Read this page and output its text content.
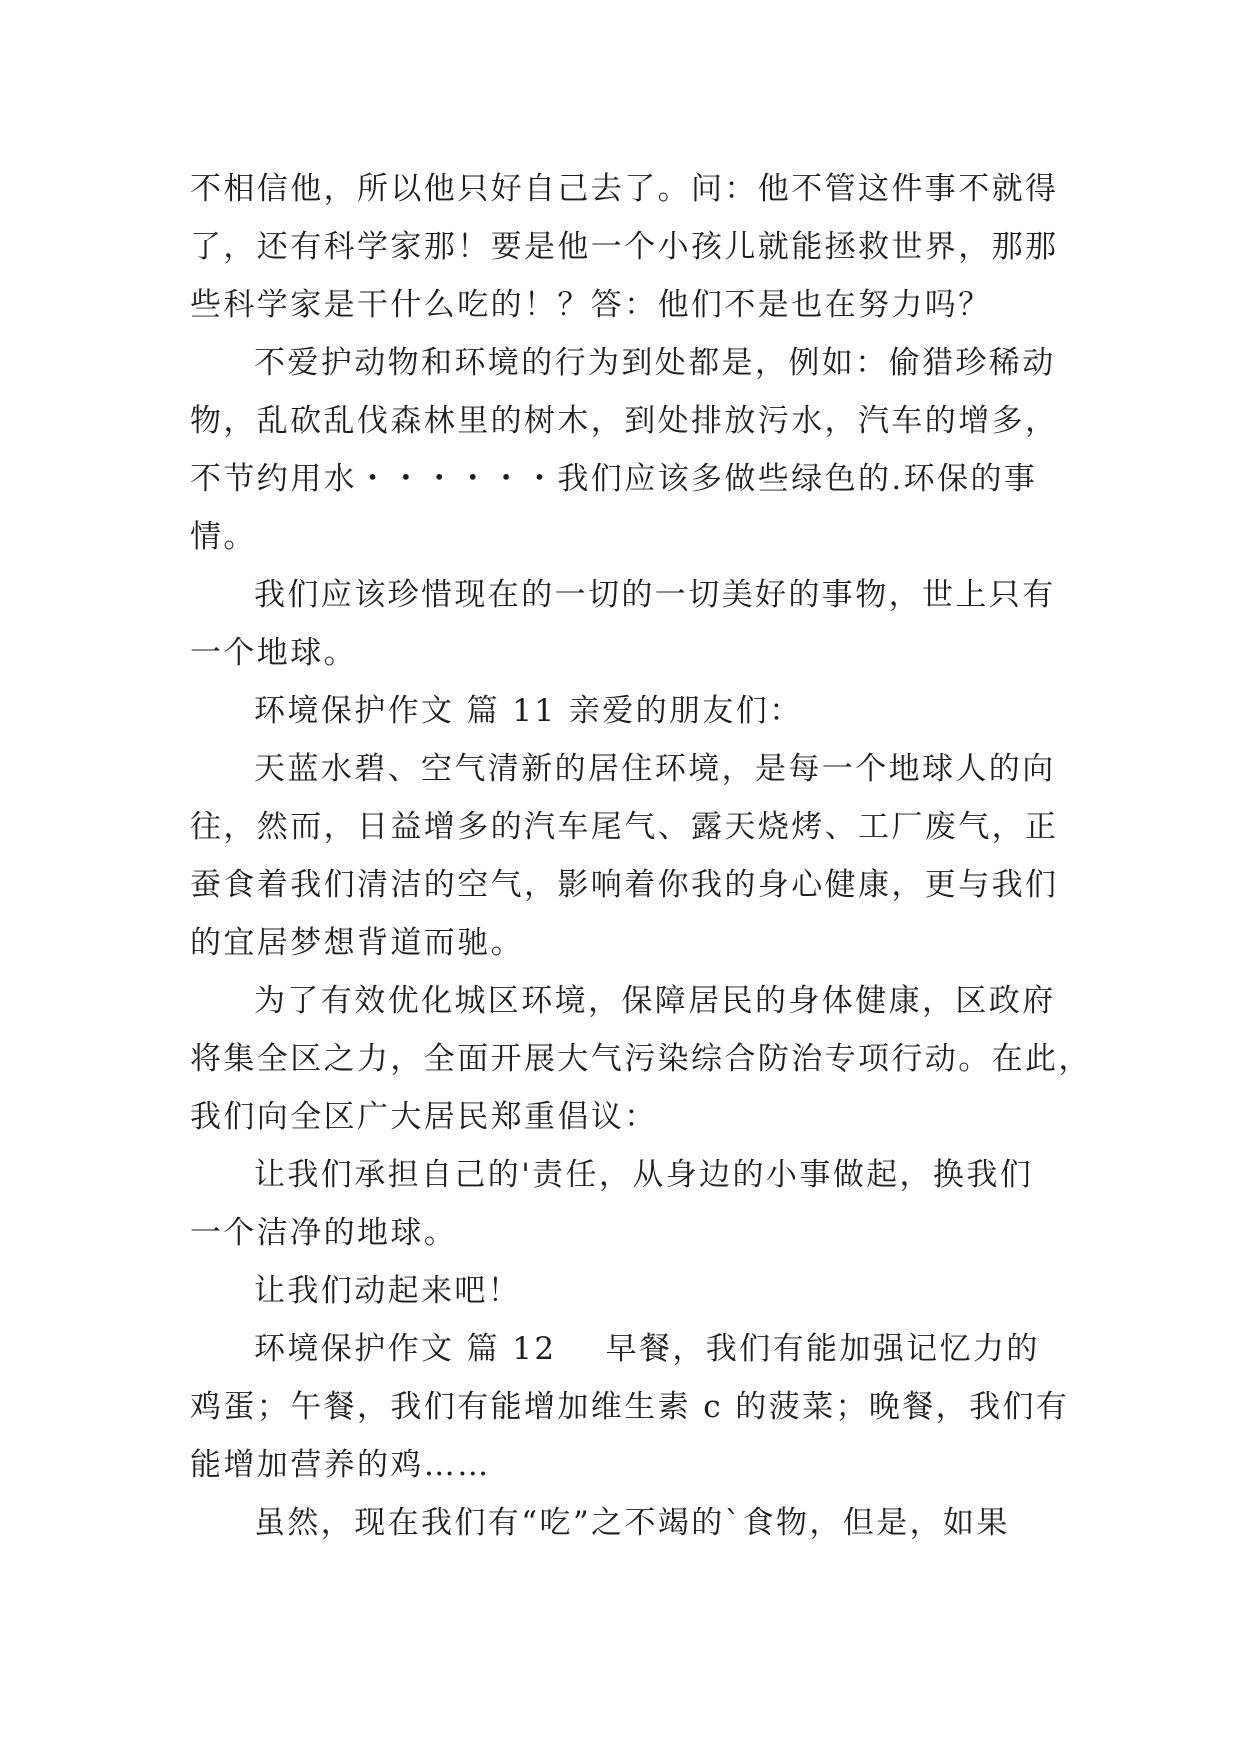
不相信他，所以他只好自己去了。问：他不管这件事不就得
了，还有科学家那！要是他一个小孩儿就能拯救世界，那那
些科学家是干什么吃的！？答：他们不是也在努力吗？
不爱护动物和环境的行为到处都是，例如：偷猎珍稀动
物，乱砍乱伐森林里的树木，到处排放污水，汽车的增多，
不节约用水・・・・・・我们应该多做些绿色的.环保的事
情。
我们应该珍惜现在的一切的一切美好的事物，世上只有
一个地球。
环境保护作文 篇 11 亲爱的朋友们：
天蓝水碧、空气清新的居住环境，是每一个地球人的向
往，然而，日益增多的汽车尾气、露天烧烤、工厂废气，正
蚕食着我们清洁的空气，影响着你我的身心健康，更与我们
的宜居梦想背道而驰。
为了有效优化城区环境，保障居民的身体健康，区政府
将集全区之力，全面开展大气污染综合防治专项行动。在此，
我们向全区广大居民郑重倡议：
让我们承担自己的'责任，从身边的小事做起，换我们
一个洁净的地球。
让我们动起来吧！
环境保护作文 篇 12    早餐，我们有能加强记忆力的
鸡蛋；午餐，我们有能增加维生素 c 的菠菜；晚餐，我们有
能增加营养的鸡……
虽然，现在我们有“吃”之不竭的`食物，但是，如果
